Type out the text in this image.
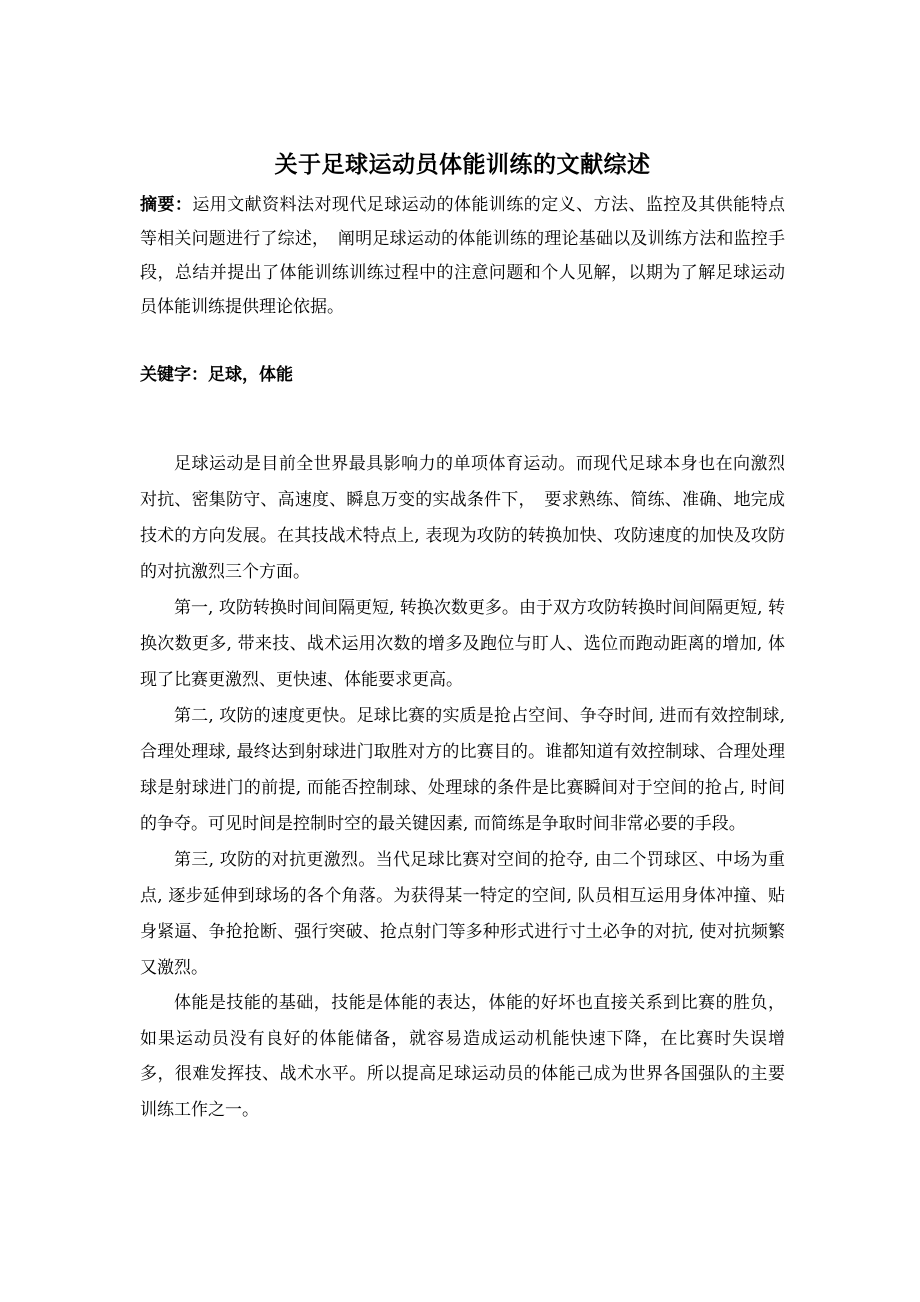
关于足球运动员体能训练的文献综述

摘要：运用文献资料法对现代足球运动的体能训练的定义、方法、监控及其供能特点等相关问题进行了综述，　阐明足球运动的体能训练的理论基础以及训练方法和监控手段，总结并提出了体能训练训练过程中的注意问题和个人见解，以期为了解足球运动员体能训练提供理论依据。

关键字：足球，体能

足球运动是目前全世界最具影响力的单项体育运动。而现代足球本身也在向激烈对抗、密集防守、高速度、瞬息万变的实战条件下，　要求熟练、简练、准确、地完成技术的方向发展。在其技战术特点上, 表现为攻防的转换加快、攻防速度的加快及攻防的对抗激烈三个方面。

第一, 攻防转换时间间隔更短, 转换次数更多。由于双方攻防转换时间间隔更短, 转换次数更多, 带来技、战术运用次数的增多及跑位与盯人、选位而跑动距离的增加, 体现了比赛更激烈、更快速、体能要求更高。

第二, 攻防的速度更快。足球比赛的实质是抢占空间、争夺时间, 进而有效控制球, 合理处理球, 最终达到射球进门取胜对方的比赛目的。谁都知道有效控制球、合理处理球是射球进门的前提, 而能否控制球、处理球的条件是比赛瞬间对于空间的抢占, 时间的争夺。可见时间是控制时空的最关键因素, 而简练是争取时间非常必要的手段。

第三, 攻防的对抗更激烈。当代足球比赛对空间的抢夺, 由二个罚球区、中场为重点, 逐步延伸到球场的各个角落。为获得某一特定的空间, 队员相互运用身体冲撞、贴身紧逼、争抢抢断、强行突破、抢点射门等多种形式进行寸土必争的对抗, 使对抗频繁又激烈。

体能是技能的基础，技能是体能的表达，体能的好坏也直接关系到比赛的胜负，如果运动员没有良好的体能储备，就容易造成运动机能快速下降，在比赛时失误增多，很难发挥技、战术水平。所以提高足球运动员的体能己成为世界各国强队的主要训练工作之一。
